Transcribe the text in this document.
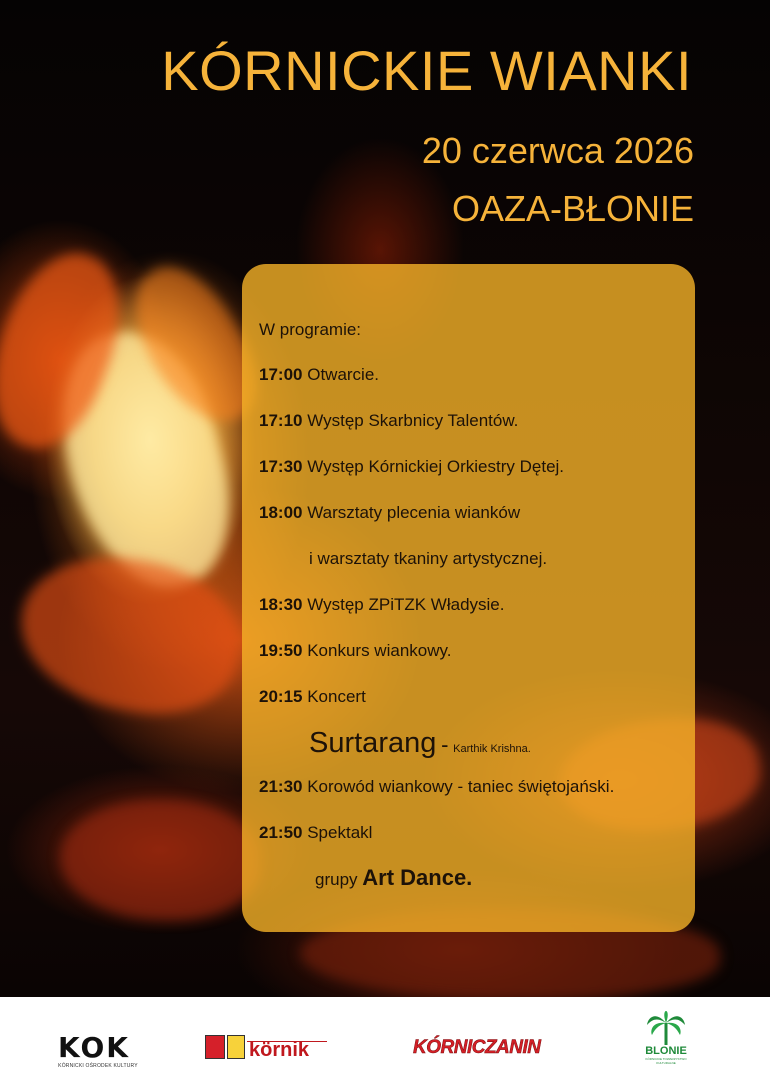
KÓRNICKIE WIANKI

20 czerwca 2026

OAZA-BŁONIE

W programie:

17:00 Otwarcie.

17:10 Występ Skarbnicy Talentów.

17:30 Występ Kórnickiej Orkiestry Dętej.

18:00 Warsztaty plecenia wianków

i warsztaty tkaniny artystycznej.

18:30 Występ ZPiTZK Władysie.

19:50 Konkurs wiankowy.

20:15 Koncert

Surtarang - Karthik Krishna.

21:30 Korowód wiankowy - taniec świętojański.

21:50 Spektakl

grupy Art Dance.

KOK
KÓRNICKI OŚRODEK KULTURY
körnik	KÓRNICZANIN	BLONIE
KÓRNICKIE TOWARZYSTWO KULTURALNE
